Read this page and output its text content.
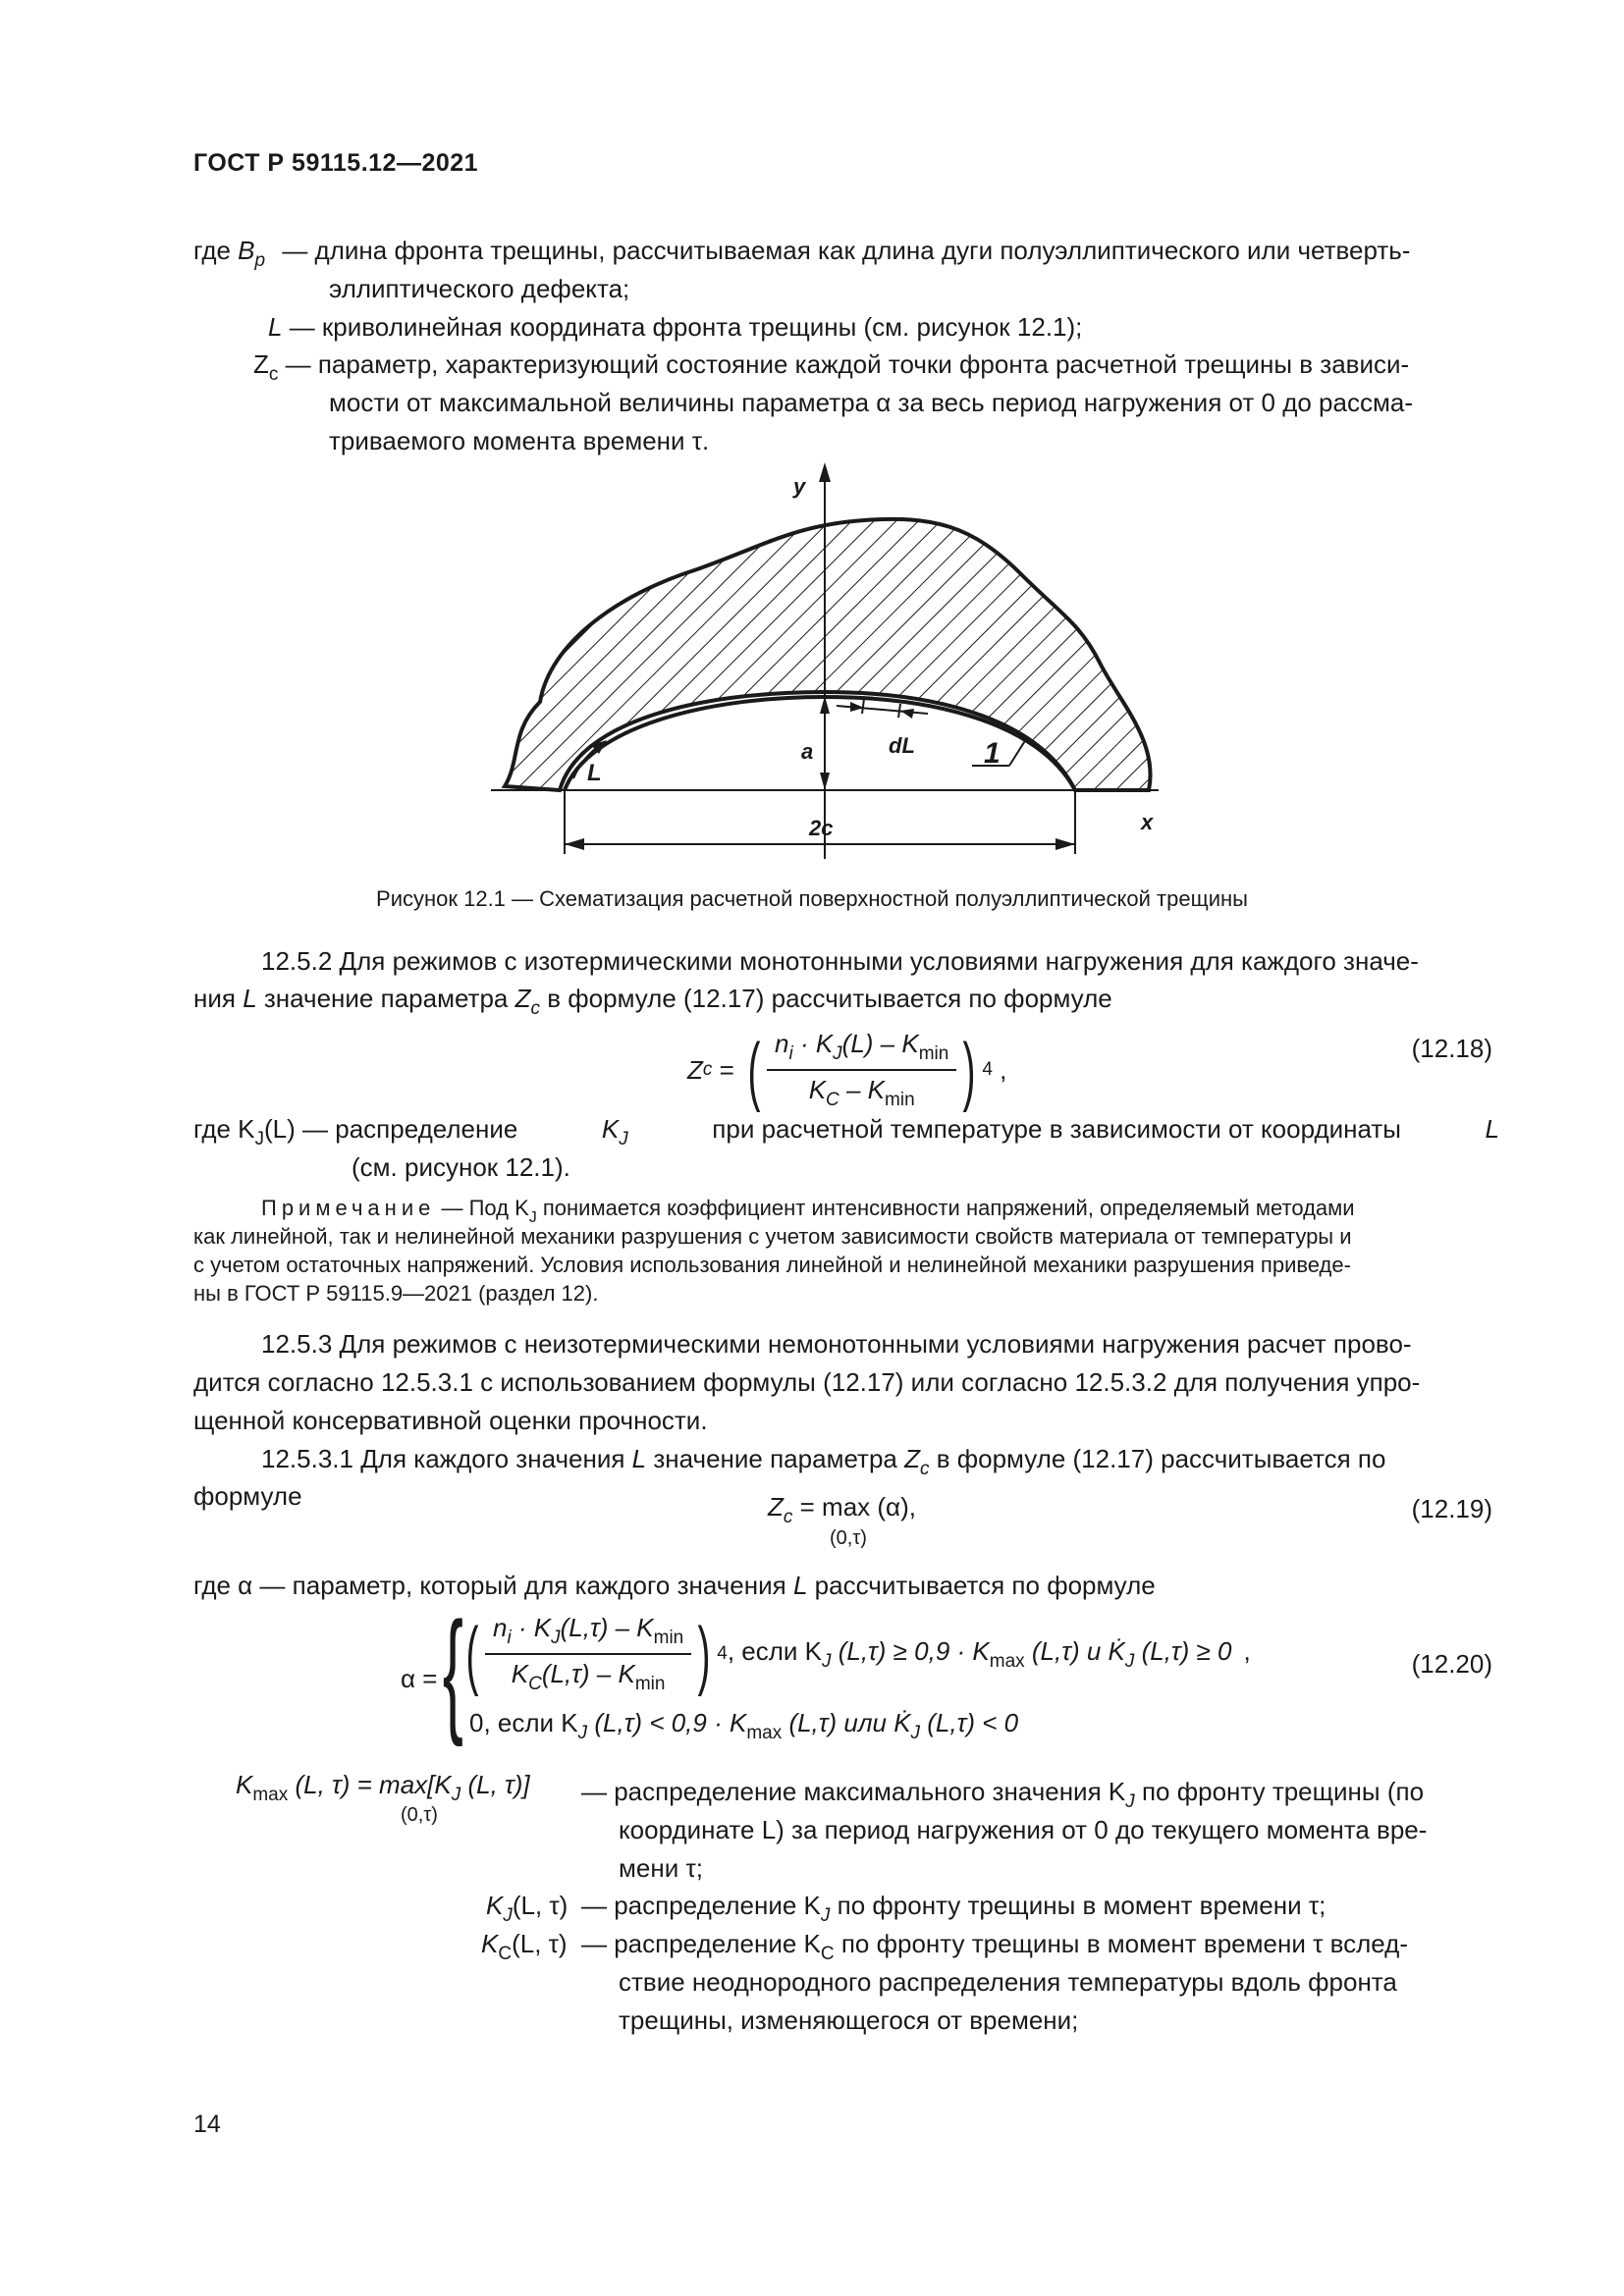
ГОСТ Р 59115.12—2021
где $B_p$ — длина фронта трещины, рассчитываемая как длина дуги полуэллиптического или четверть-
эллиптического дефекта;
L — криволинейная координата фронта трещины (см. рисунок 12.1);
$Z_c$ — параметр, характеризующий состояние каждой точки фронта расчетной трещины в зависи-
мости от максимальной величины параметра α за весь период нагружения от 0 до рассма-
триваемого момента времени τ.
y
x
a	dL
L
2c
1
Рисунок 12.1 — Схематизация расчетной поверхностной полуэллиптической трещины
12.5.2 Для режимов с изотермическими монотонными условиями нагружения для каждого значе-
ния L значение параметра $Z_c$ в формуле (12.17) рассчитывается по формуле
Z c = ( $\frac{n_i \cdot K_J(L) - K_{min}}{K_C - K_{min}}$ ) 4 ,
(12.18)
где $K_J(L)$ — распределение	$K_J$	при расчетной температуре в зависимости от координаты	L
(см. рисунок 12.1).
Примечание — Под $K_J$ понимается коэффициент интенсивности напряжений, определяемый методами
как линейной, так и нелинейной механики разрушения с учетом зависимости свойств материала от температуры и
с учетом остаточных напряжений. Условия использования линейной и нелинейной механики разрушения приведе-
ны в ГОСТ Р 59115.9—2021 (раздел 12).
12.5.3 Для режимов с неизотермическими немонотонными условиями нагружения расчет прово-
дится согласно 12.5.3.1 с использованием формулы (12.17) или согласно 12.5.3.2 для получения упро-
щенной консервативной оценки прочности.
12.5.3.1 Для каждого значения L значение параметра $Z_c$ в формуле (12.17) рассчитывается по
формуле	$Z_c = \max (\alpha)$,
(0,τ)
(12.19)
где α — параметр, который для каждого значения L рассчитывается по формуле
α = { ( $\frac{n_i \cdot K_J(L,\tau) - K_{min}}{K_C(L,\tau) - K_{min}}$ ) 4 , если $K_J$ $(L,\tau) \ge 0,9 \cdot K_{max}$ (L,τ) и $K̇_J$ (L,τ) ≥ 0 ,
0, если $K_J$ $(L,\tau) < 0,9 \cdot K_{max}$ (L,τ) или $K̇_J$ (L,τ) < 0
(12.20)
$K_{max}$ (L, $\tau) = \max[K_J$ (L, τ)]
(0,τ)
— распределение максимального значения $K_J$ по фронту трещины (по
координате L) за период нагружения от 0 до текущего момента вре-
мени τ;
$K_J(L$, τ) — распределение $K_J$ по фронту трещины в момент времени τ;
$K_C(L$, τ) — распределение $K_C$ по фронту трещины в момент времени τ вслед-
ствие неоднородного распределения температуры вдоль фронта
трещины, изменяющегося от времени;
14
